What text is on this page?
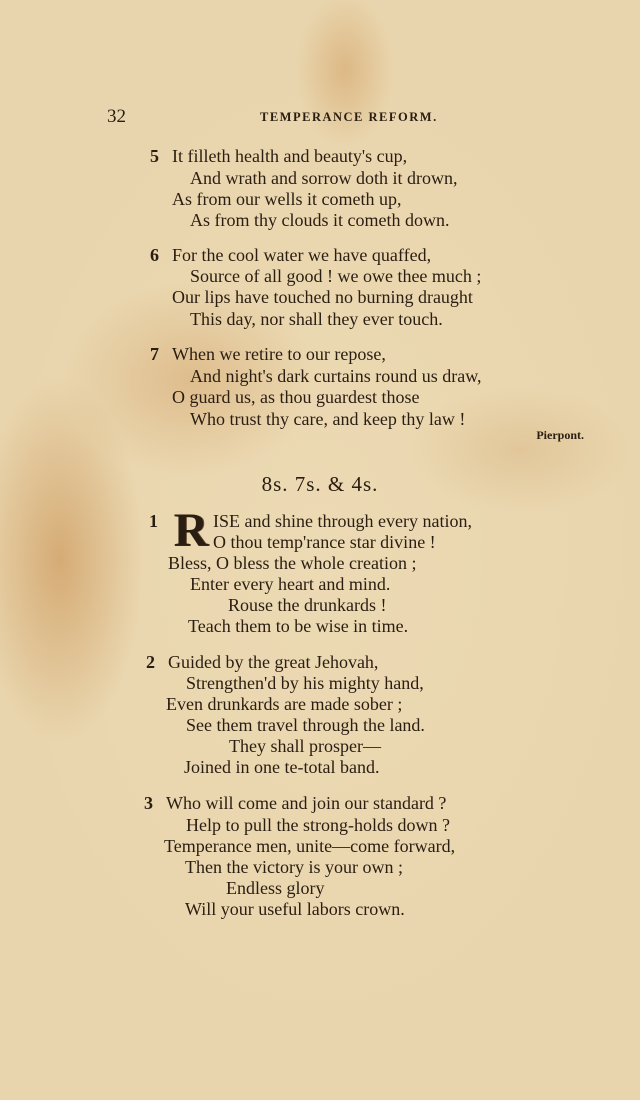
32	TEMPERANCE REFORM.
5 It filleth health and beauty's cup,
And wrath and sorrow doth it drown,
As from our wells it cometh up,
As from thy clouds it cometh down.
6 For the cool water we have quaffed,
Source of all good ! we owe thee much ;
Our lips have touched no burning draught
This day, nor shall they ever touch.
7 When we retire to our repose,
And night's dark curtains round us draw,
O guard us, as thou guardest those
Who trust thy care, and keep thy law !
Pierpont.
8s. 7s. & 4s.
1 R ISE and shine through every nation,
O thou temp'rance star divine !
Bless, O bless the whole creation ;
Enter every heart and mind.
Rouse the drunkards !
Teach them to be wise in time.
2 Guided by the great Jehovah,
Strengthen'd by his mighty hand,
Even drunkards are made sober ;
See them travel through the land.
They shall prosper—
Joined in one te-total band.
3 Who will come and join our standard ?
Help to pull the strong-holds down ?
Temperance men, unite—come forward,
Then the victory is your own ;
Endless glory
Will your useful labors crown.
